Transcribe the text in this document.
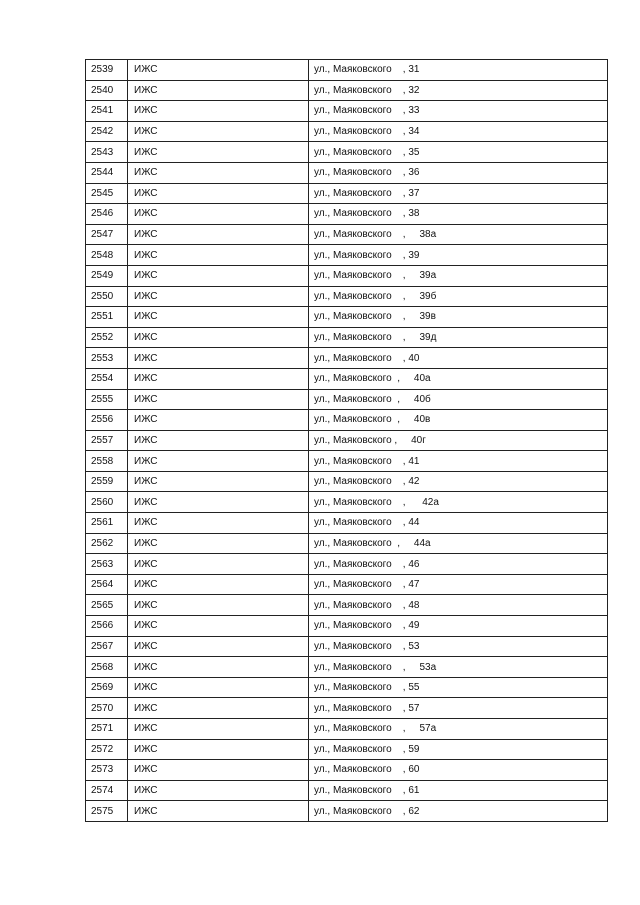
2539	ИЖС	ул., Маяковского    , 31
2540	ИЖС	ул., Маяковского    , 32
2541	ИЖС	ул., Маяковского    , 33
2542	ИЖС	ул., Маяковского    , 34
2543	ИЖС	ул., Маяковского    , 35
2544	ИЖС	ул., Маяковского    , 36
2545	ИЖС	ул., Маяковского    , 37
2546	ИЖС	ул., Маяковского    , 38
2547	ИЖС	ул., Маяковского    ,     38а
2548	ИЖС	ул., Маяковского    , 39
2549	ИЖС	ул., Маяковского    ,     39а
2550	ИЖС	ул., Маяковского    ,     39б
2551	ИЖС	ул., Маяковского    ,     39в
2552	ИЖС	ул., Маяковского    ,     39д
2553	ИЖС	ул., Маяковского    , 40
2554	ИЖС	ул., Маяковского  ,     40а
2555	ИЖС	ул., Маяковского  ,     40б
2556	ИЖС	ул., Маяковского  ,     40в
2557	ИЖС	ул., Маяковского ,     40г
2558	ИЖС	ул., Маяковского    , 41
2559	ИЖС	ул., Маяковского    , 42
2560	ИЖС	ул., Маяковского    ,      42а
2561	ИЖС	ул., Маяковского    , 44
2562	ИЖС	ул., Маяковского  ,     44а
2563	ИЖС	ул., Маяковского    , 46
2564	ИЖС	ул., Маяковского    , 47
2565	ИЖС	ул., Маяковского    , 48
2566	ИЖС	ул., Маяковского    , 49
2567	ИЖС	ул., Маяковского    , 53
2568	ИЖС	ул., Маяковского    ,     53а
2569	ИЖС	ул., Маяковского    , 55
2570	ИЖС	ул., Маяковского    , 57
2571	ИЖС	ул., Маяковского    ,     57а
2572	ИЖС	ул., Маяковского    , 59
2573	ИЖС	ул., Маяковского    , 60
2574	ИЖС	ул., Маяковского    , 61
2575	ИЖС	ул., Маяковского    , 62
